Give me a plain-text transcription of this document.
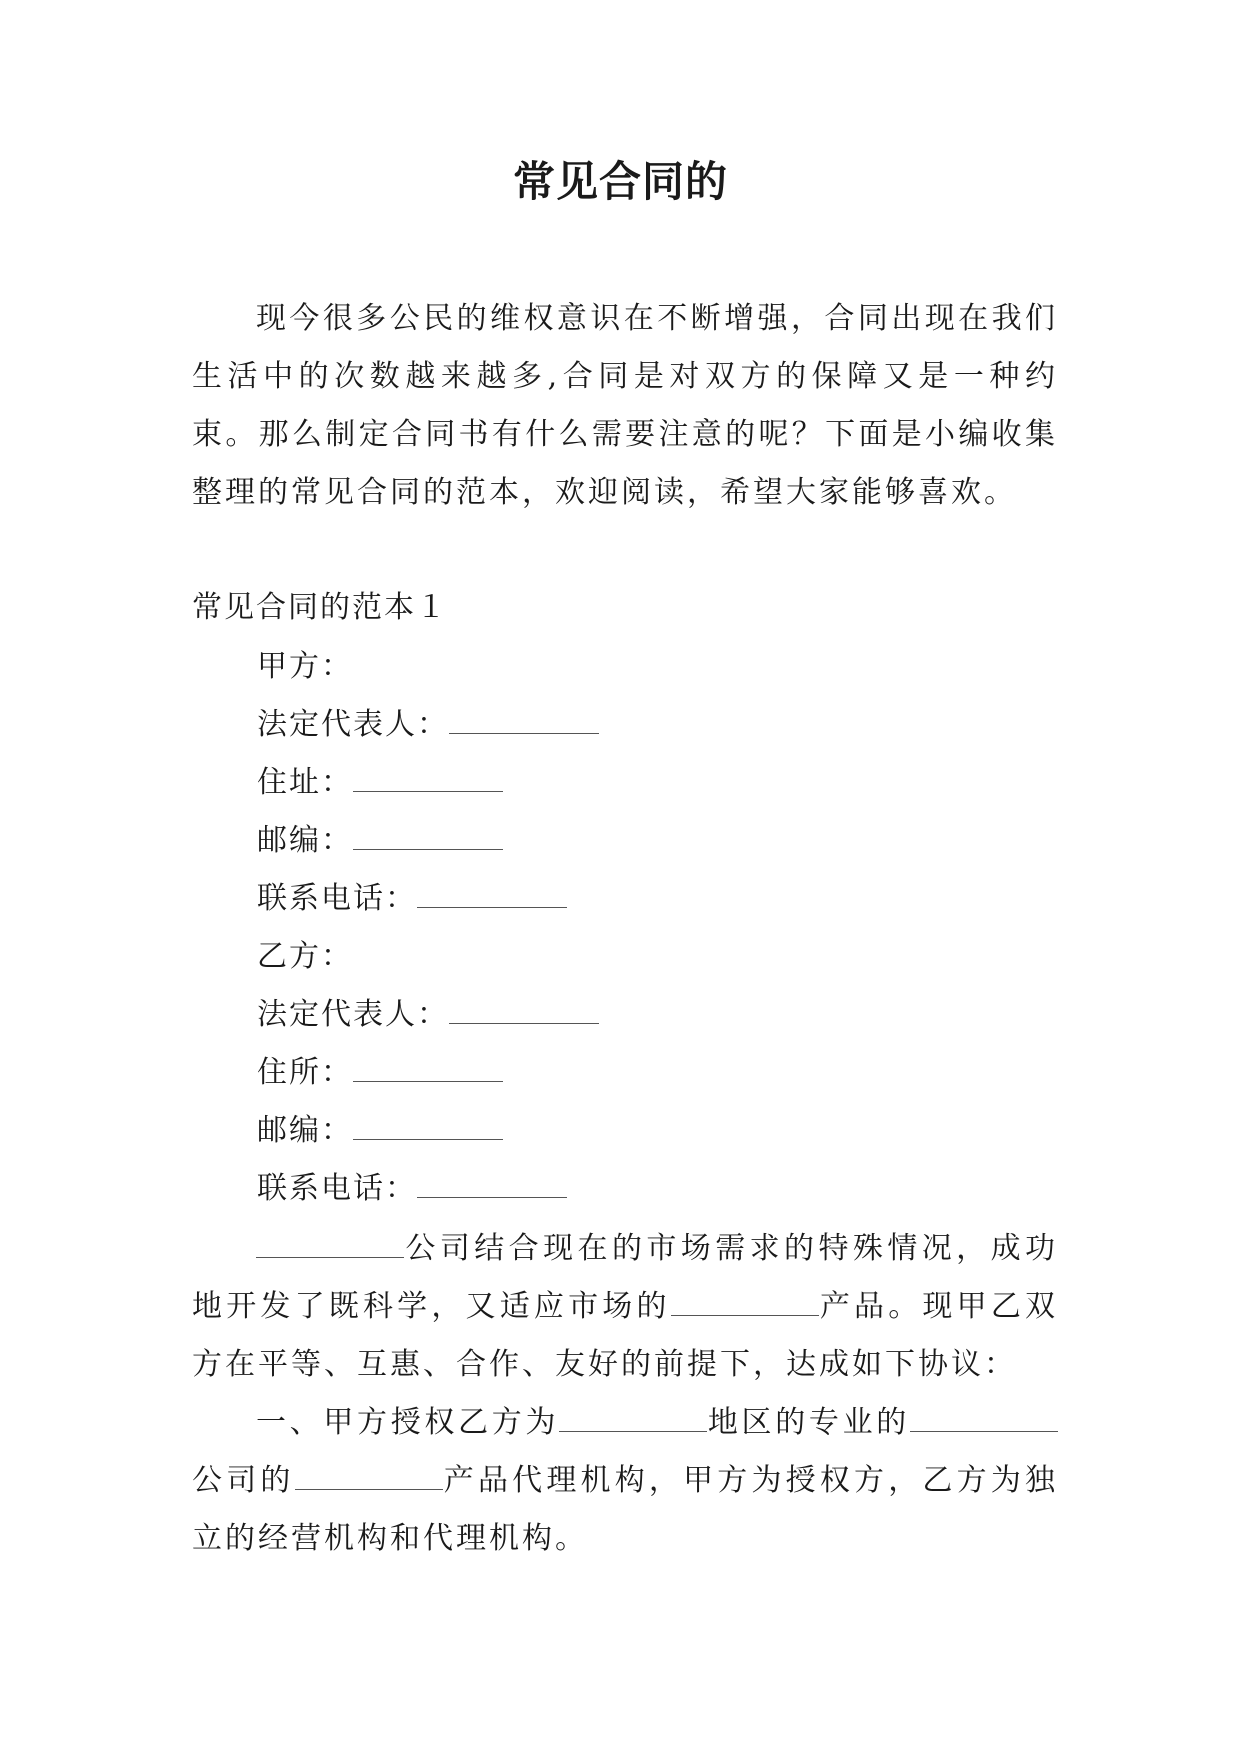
常见合同的
现今很多公民的维权意识在不断增强，合同出现在我们生活中的次数越来越多,合同是对双方的保障又是一种约束。那么制定合同书有什么需要注意的呢？下面是小编收集整理的常见合同的范本，欢迎阅读，希望大家能够喜欢。
常见合同的范本１
甲方：
法定代表人：
住址：
邮编：
联系电话：
乙方：
法定代表人：
住所：
邮编：
联系电话：
公司结合现在的市场需求的特殊情况，成功地开发了既科学，又适应市场的	产品。现甲乙双方在平等、互惠、合作、友好的前提下，达成如下协议：
一、甲方授权乙方为	地区的专业的公司的	产品代理机构，甲方为授权方，乙方为独立的经营机构和代理机构。
